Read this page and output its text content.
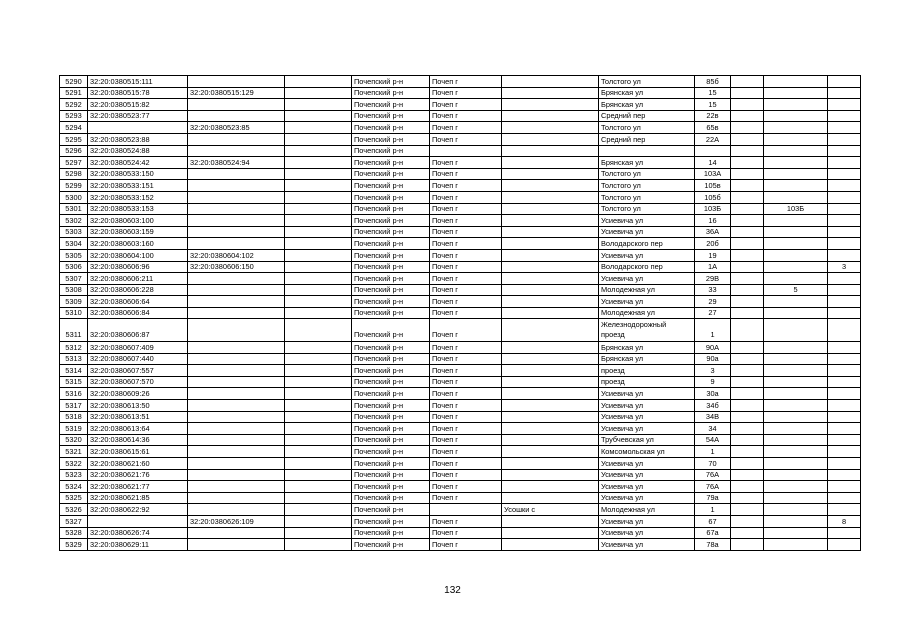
5290	32:20:0380515:111			Почепский р-н	Почеп г		Толстого ул	85б			
5291	32:20:0380515:78	32:20:0380515:129		Почепский р-н	Почеп г		Брянская ул	15			
5292	32:20:0380515:82			Почепский р-н	Почеп г		Брянская ул	15			
5293	32:20:0380523:77			Почепский р-н	Почеп г		Средний пер	22в			
5294		32:20:0380523:85		Почепский р-н	Почеп г		Толстого ул	65в			
5295	32:20:0380523:88			Почепский р-н	Почеп г		Средний пер	22А			
5296	32:20:0380524:88			Почепский р-н							
5297	32:20:0380524:42	32:20:0380524:94		Почепский р-н	Почеп г		Брянская ул	14			
5298	32:20:0380533:150			Почепский р-н	Почеп г		Толстого ул	103А			
5299	32:20:0380533:151			Почепский р-н	Почеп г		Толстого ул	105в			
5300	32:20:0380533:152			Почепский р-н	Почеп г		Толстого ул	105б			
5301	32:20:0380533:153			Почепский р-н	Почеп г		Толстого ул	103Б		103Б	
5302	32:20:0380603:100			Почепский р-н	Почеп г		Усиевича ул	16			
5303	32:20:0380603:159			Почепский р-н	Почеп г		Усиевича ул	36А			
5304	32:20:0380603:160			Почепский р-н	Почеп г		Володарского пер	20б			
5305	32:20:0380604:100	32:20:0380604:102		Почепский р-н	Почеп г		Усиевича ул	19			
5306	32:20:0380606:96	32:20:0380606:150		Почепский р-н	Почеп г		Володарского пер	1А			3
5307	32:20:0380606:211			Почепский р-н	Почеп г		Усиевича ул	29В			
5308	32:20:0380606:228			Почепский р-н	Почеп г		Молодежная ул	33		5	
5309	32:20:0380606:64			Почепский р-н	Почеп г		Усиевича ул	29			
5310	32:20:0380606:84			Почепский р-н	Почеп г		Молодежная ул	27			
5311	32:20:0380606:87			Почепский р-н	Почеп г		Железнодорожный проезд	1			
5312	32:20:0380607:409			Почепский р-н	Почеп г		Брянская ул	90А			
5313	32:20:0380607:440			Почепский р-н	Почеп г		Брянская ул	90а			
5314	32:20:0380607:557			Почепский р-н	Почеп г		проезд	3			
5315	32:20:0380607:570			Почепский р-н	Почеп г		проезд	9			
5316	32:20:0380609:26			Почепский р-н	Почеп г		Усиевича ул	30а			
5317	32:20:0380613:50			Почепский р-н	Почеп г		Усиевича ул	34б			
5318	32:20:0380613:51			Почепский р-н	Почеп г		Усиевича ул	34В			
5319	32:20:0380613:64			Почепский р-н	Почеп г		Усиевича ул	34			
5320	32:20:0380614:36			Почепский р-н	Почеп г		Трубчевская ул	54А			
5321	32:20:0380615:61			Почепский р-н	Почеп г		Комсомольская ул	1			
5322	32:20:0380621:60			Почепский р-н	Почеп г		Усиевича ул	70			
5323	32:20:0380621:76			Почепский р-н	Почеп г		Усиевича ул	76А			
5324	32:20:0380621:77			Почепский р-н	Почеп г		Усиевича ул	76А			
5325	32:20:0380621:85			Почепский р-н	Почеп г		Усиевича ул	79а			
5326	32:20:0380622:92			Почепский р-н		Усошки с	Молодежная ул	1			
5327		32:20:0380626:109		Почепский р-н	Почеп г		Усиевича ул	67			8
5328	32:20:0380626:74			Почепский р-н	Почеп г		Усиевича ул	67а			
5329	32:20:0380629:11			Почепский р-н	Почеп г		Усиевича ул	78а			
132
